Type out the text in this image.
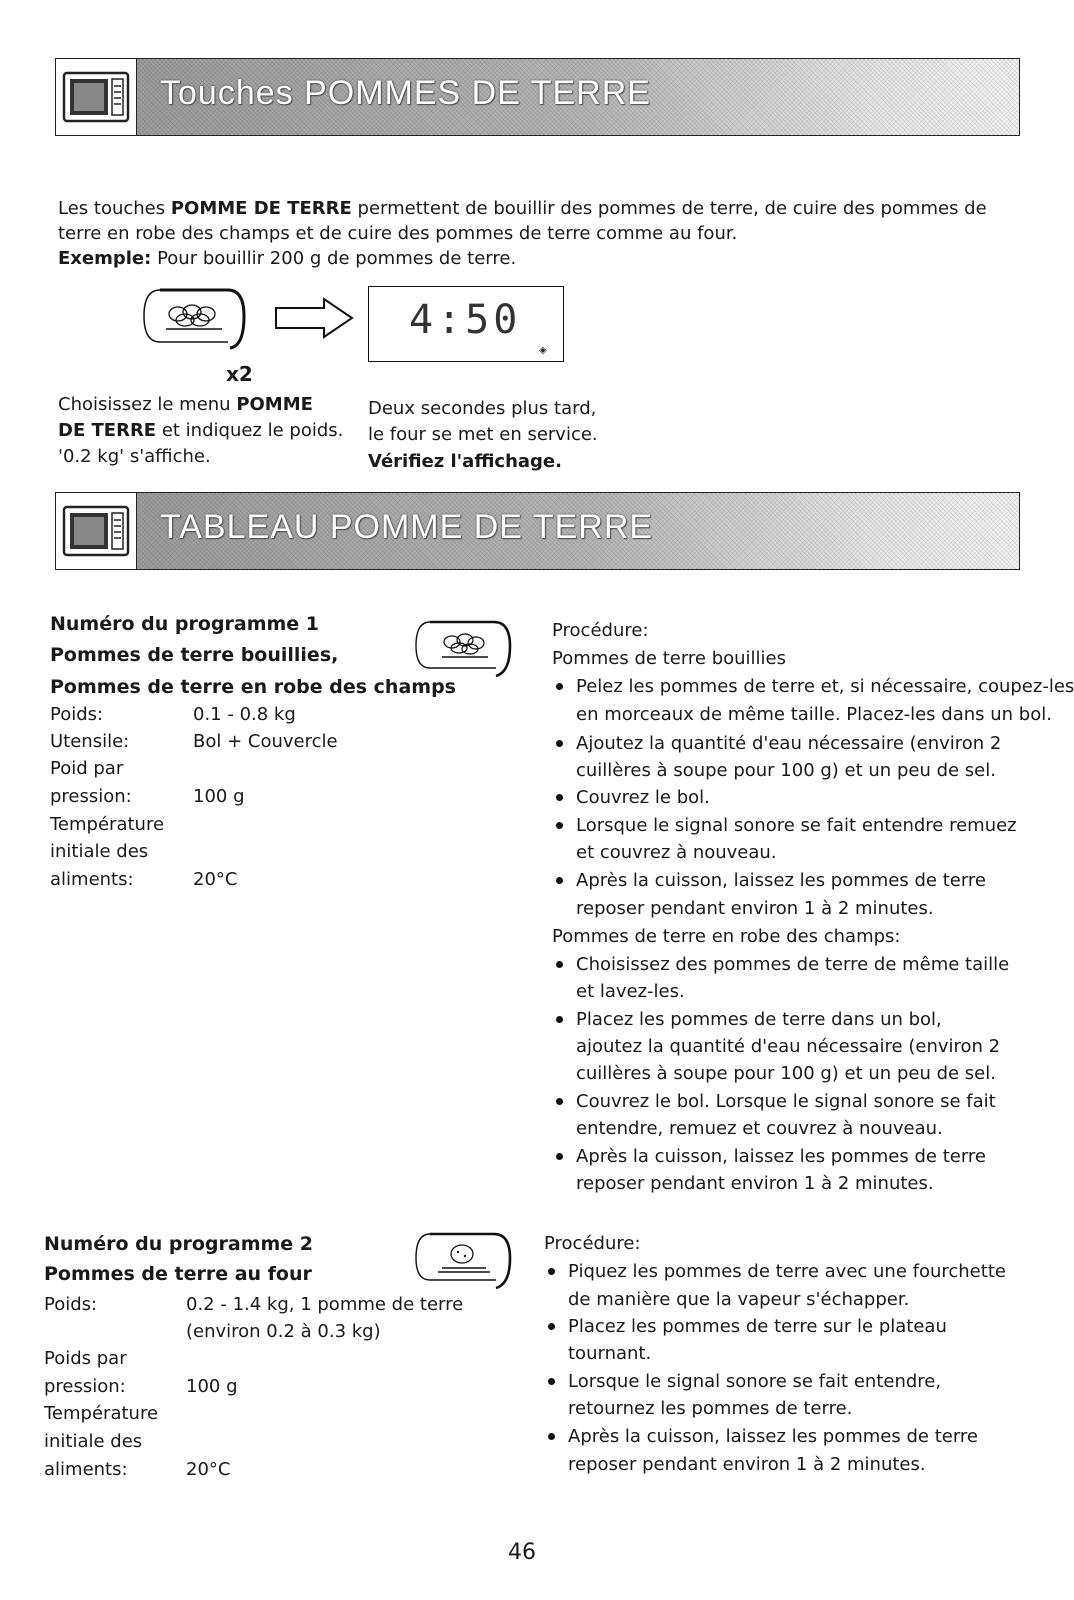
Touches POMMES DE TERRE
Les touches POMME DE TERRE permettent de bouillir des pommes de terre, de cuire des pommes de
terre en robe des champs et de cuire des pommes de terre comme au four.
Exemple: Pour bouillir 200 g de pommes de terre.
x2
4:50
◈
Choisissez le menu POMME
DE TERRE et indiquez le poids.
'0.2 kg' s'affiche.
Deux secondes plus tard,
le four se met en service.
Vérifiez l'affichage.
TABLEAU POMME DE TERRE
Numéro du programme 1
Pommes de terre bouillies,
Pommes de terre en robe des champs
Poids:	0.1 - 0.8 kg
Utensile:	Bol + Couvercle
Poid par
pression:	100 g
Température
initiale des
aliments:	20°C
Procédure:
Pommes de terre bouillies
Pelez les pommes de terre et, si nécessaire, coupez-les
en morceaux de même taille. Placez-les dans un bol.
Ajoutez la quantité d'eau nécessaire (environ 2
cuillères à soupe pour 100 g) et un peu de sel.
Couvrez le bol.
Lorsque le signal sonore se fait entendre remuez
et couvrez à nouveau.
Après la cuisson, laissez les pommes de terre
reposer pendant environ 1 à 2 minutes.
Pommes de terre en robe des champs:
Choisissez des pommes de terre de même taille
et lavez-les.
Placez les pommes de terre dans un bol,
ajoutez la quantité d'eau nécessaire (environ 2
cuillères à soupe pour 100 g) et un peu de sel.
Couvrez le bol. Lorsque le signal sonore se fait
entendre, remuez et couvrez à nouveau.
Après la cuisson, laissez les pommes de terre
reposer pendant environ 1 à 2 minutes.
Numéro du programme 2
Pommes de terre au four
Poids:	0.2 - 1.4 kg, 1 pomme de terre
(environ 0.2 à 0.3 kg)
Poids par
pression:	100 g
Température
initiale des
aliments:	20°C
Procédure:
Piquez les pommes de terre avec une fourchette
de manière que la vapeur s'échapper.
Placez les pommes de terre sur le plateau
tournant.
Lorsque le signal sonore se fait entendre,
retournez les pommes de terre.
Après la cuisson, laissez les pommes de terre
reposer pendant environ 1 à 2 minutes.
46
